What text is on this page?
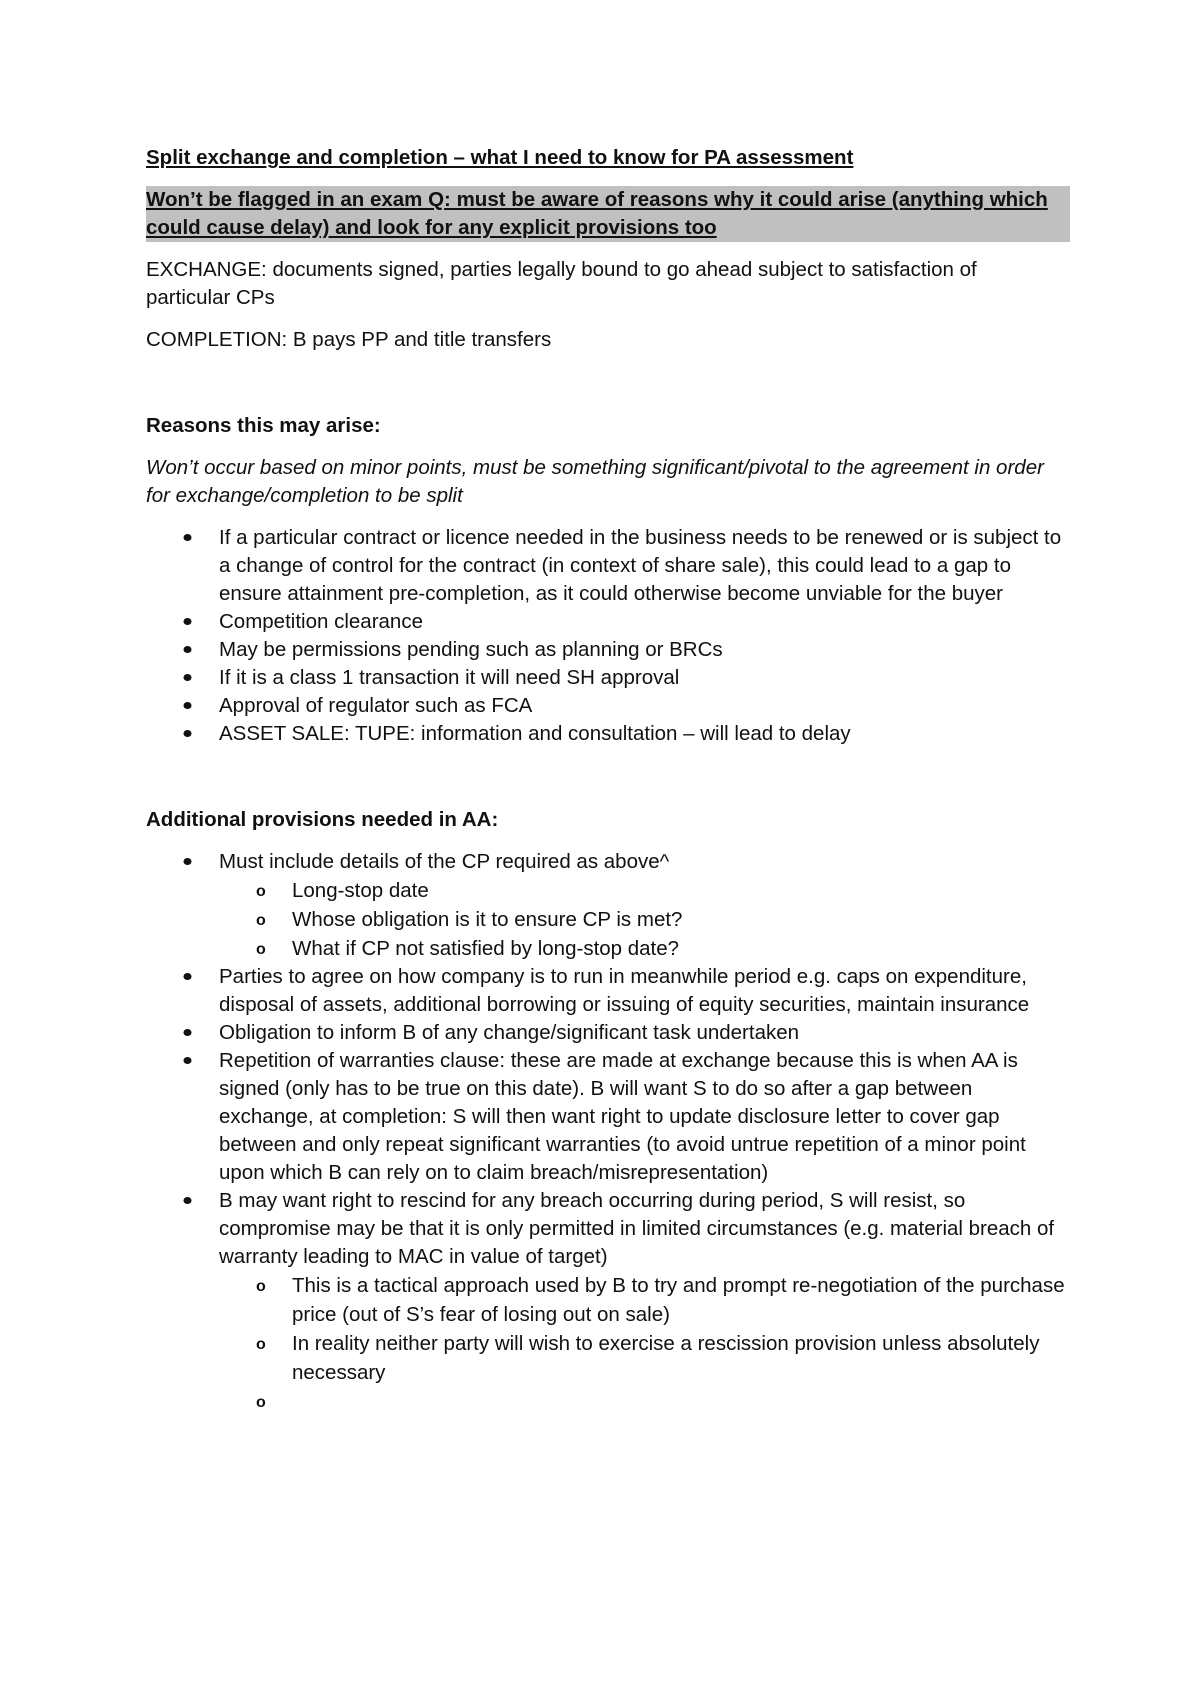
Split exchange and completion – what I need to know for PA assessment
Won’t be flagged in an exam Q: must be aware of reasons why it could arise (anything which could cause delay) and look for any explicit provisions too

EXCHANGE: documents signed, parties legally bound to go ahead subject to satisfaction of particular CPs

COMPLETION: B pays PP and title transfers

Reasons this may arise:

Won’t occur based on minor points, must be something significant/pivotal to the agreement in order for exchange/completion to be split

If a particular contract or licence needed in the business needs to be renewed or is subject to a change of control for the contract (in context of share sale), this could lead to a gap to ensure attainment pre-completion, as it could otherwise become unviable for the buyer
Competition clearance
May be permissions pending such as planning or BRCs
If it is a class 1 transaction it will need SH approval
Approval of regulator such as FCA
ASSET SALE: TUPE: information and consultation – will lead to delay

Additional provisions needed in AA:

Must include details of the CP required as above^
o Long-stop date
o Whose obligation is it to ensure CP is met?
o What if CP not satisfied by long-stop date?
Parties to agree on how company is to run in meanwhile period e.g. caps on expenditure, disposal of assets, additional borrowing or issuing of equity securities, maintain insurance
Obligation to inform B of any change/significant task undertaken
Repetition of warranties clause: these are made at exchange because this is when AA is signed (only has to be true on this date). B will want S to do so after a gap between exchange, at completion: S will then want right to update disclosure letter to cover gap between and only repeat significant warranties (to avoid untrue repetition of a minor point upon which B can rely on to claim breach/misrepresentation)
B may want right to rescind for any breach occurring during period, S will resist, so compromise may be that it is only permitted in limited circumstances (e.g. material breach of warranty leading to MAC in value of target)
o This is a tactical approach used by B to try and prompt re-negotiation of the purchase price (out of S’s fear of losing out on sale)
o In reality neither party will wish to exercise a rescission provision unless absolutely necessary
o
